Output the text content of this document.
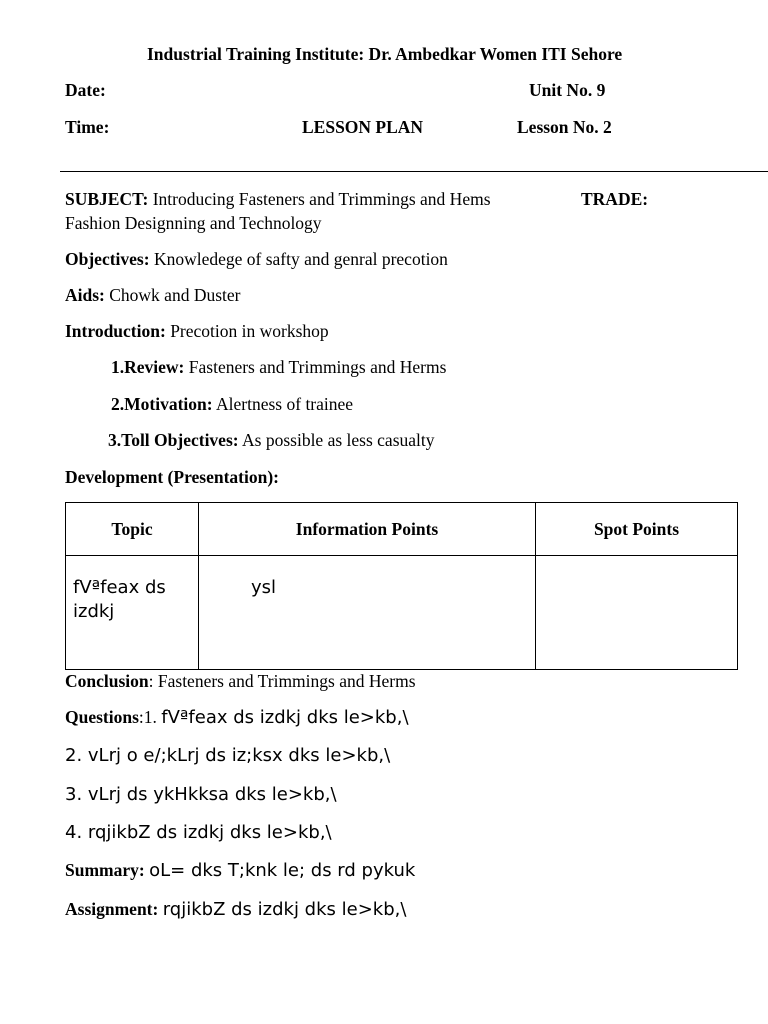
Industrial Training Institute: Dr. Ambedkar Women ITI Sehore
Date:	Unit No. 9
Time:	LESSON PLAN	Lesson No. 2
SUBJECT: Introducing Fasteners and Trimmings and Hems	TRADE:
Fashion Designning and Technology
Objectives: Knowledege of safty and genral precotion
Aids: Chowk and Duster
Introduction: Precotion in workshop
1.Review: Fasteners and Trimmings and Herms
2.Motivation: Alertness of trainee
3.Toll Objectives: As possible as less casualty
Development (Presentation):
Topic	Information Points	Spot Points
fVªfeax ds izdkj	ysl	
Conclusion: Fasteners and Trimmings and Herms
Questions:1. fVªfeax ds izdkj dks le>kb,\
2. vLrj o e/;kLrj ds iz;ksx dks le>kb,\
3. vLrj ds ykHkksa dks le>kb,\
4. rqjikbZ ds izdkj dks le>kb,\
Summary: oL= dks T;knk le; ds rd pykuk
Assignment: rqjikbZ ds izdkj dks le>kb,\
